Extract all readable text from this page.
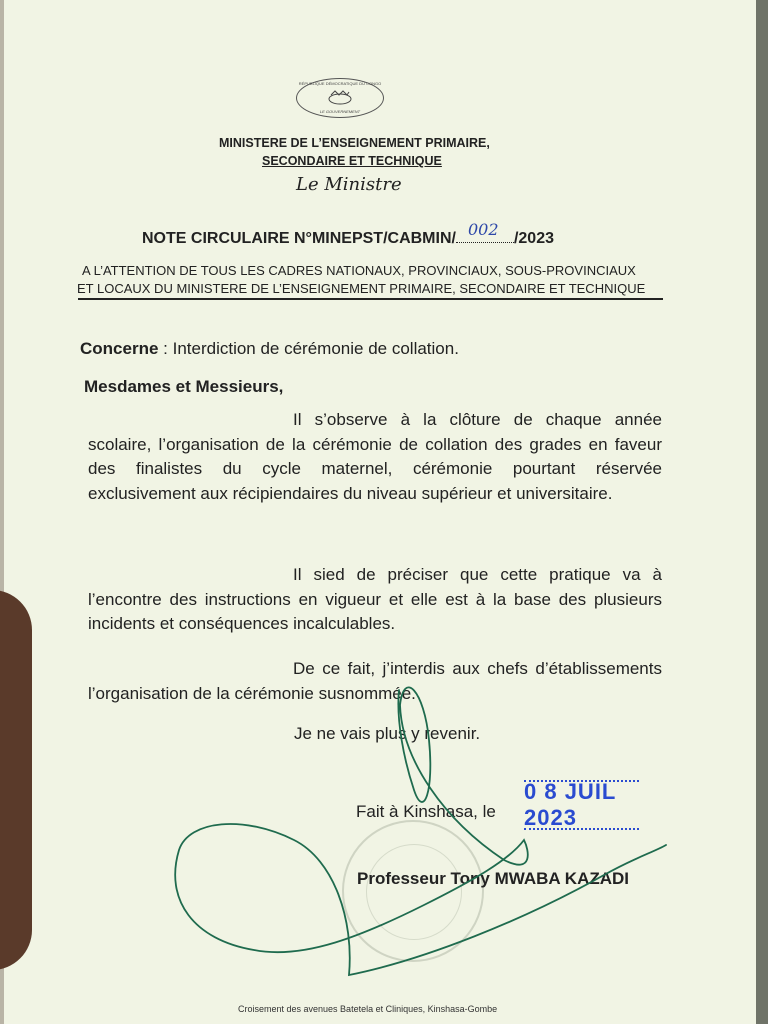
RÉPUBLIQUE DÉMOCRATIQUE DU CONGO
LE GOUVERNEMENT
MINISTERE DE L’ENSEIGNEMENT PRIMAIRE,
SECONDAIRE ET TECHNIQUE
Le Ministre
NOTE CIRCULAIRE N°MINEPST/CABMIN/ 002 /2023
A L’ATTENTION DE TOUS LES CADRES NATIONAUX, PROVINCIAUX, SOUS-PROVINCIAUX
ET LOCAUX DU MINISTERE DE L’ENSEIGNEMENT PRIMAIRE, SECONDAIRE ET TECHNIQUE
Concerne : Interdiction de cérémonie de collation.
Mesdames et Messieurs,

Il s’observe à la clôture de chaque année scolaire, l’organisation de la cérémonie de collation des grades en faveur des finalistes du cycle maternel, cérémonie pourtant réservée exclusivement aux récipiendaires du niveau supérieur et universitaire.

Il sied de préciser que cette pratique va à l’encontre des instructions en vigueur et elle est à la base des plusieurs incidents et conséquences incalculables.

De ce fait, j’interdis aux chefs d’établissements l’organisation de la cérémonie susnommée.

Je ne vais plus y revenir.
Fait à Kinshasa, le
0 8 JUIL 2023
Professeur Tony MWABA KAZADI
Croisement des avenues Batetela et Cliniques, Kinshasa-Gombe
